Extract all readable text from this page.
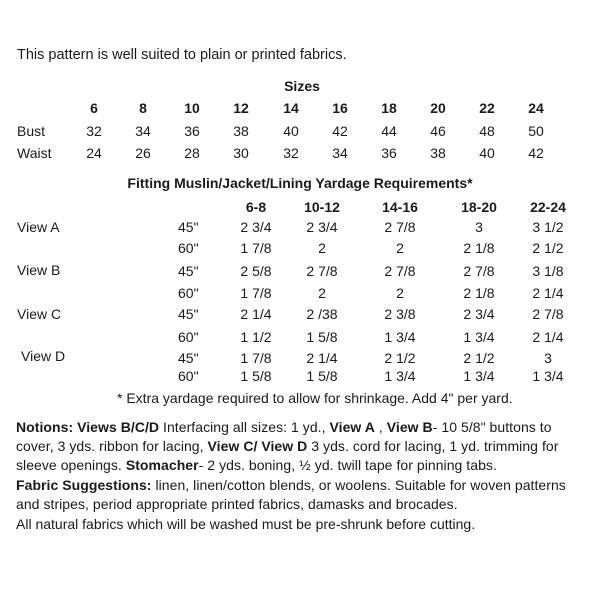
This pattern is well suited to plain or printed fabrics.
Sizes
6	8	10	12	14	16	18	20	22	24
Bust	32	34	36	38	40	42	44	46	48	50
Waist	24	26	28	30	32	34	36	38	40	42
Fitting Muslin/Jacket/Lining Yardage Requirements*
6-8	10-12	14-16	18-20	22-24
View A	45"	2 3/4	2 3/4	2 7/8	3	3 1/2
60"	1 7/8	2	2	2 1/8	2 1/2
View B	45"	2 5/8	2 7/8	2 7/8	2 7/8	3 1/8
60"	1 7/8	2	2	2 1/8	2 1/4
View C	45"	2 1/4	2 /38	2 3/8	2 3/4	2 7/8
60"	1 1/2	1 5/8	1 3/4	1 3/4	2 1/4
View D	45"	1 7/8	2 1/4	2 1/2	2 1/2	3
60"	1 5/8	1 5/8	1 3/4	1 3/4	1 3/4
* Extra yardage required to allow for shrinkage. Add 4" per yard.
Notions: Views B/C/D Interfacing all sizes: 1 yd., View A , View B- 10 5/8" buttons to cover, 3 yds. ribbon for lacing, View C/ View D 3 yds. cord for lacing, 1 yd. trimming for sleeve openings. Stomacher- 2 yds. boning, ½ yd. twill tape for pinning tabs.
Fabric Suggestions: linen, linen/cotton blends, or woolens. Suitable for woven patterns and stripes, period appropriate printed fabrics, damasks and brocades.
All natural fabrics which will be washed must be pre-shrunk before cutting.
